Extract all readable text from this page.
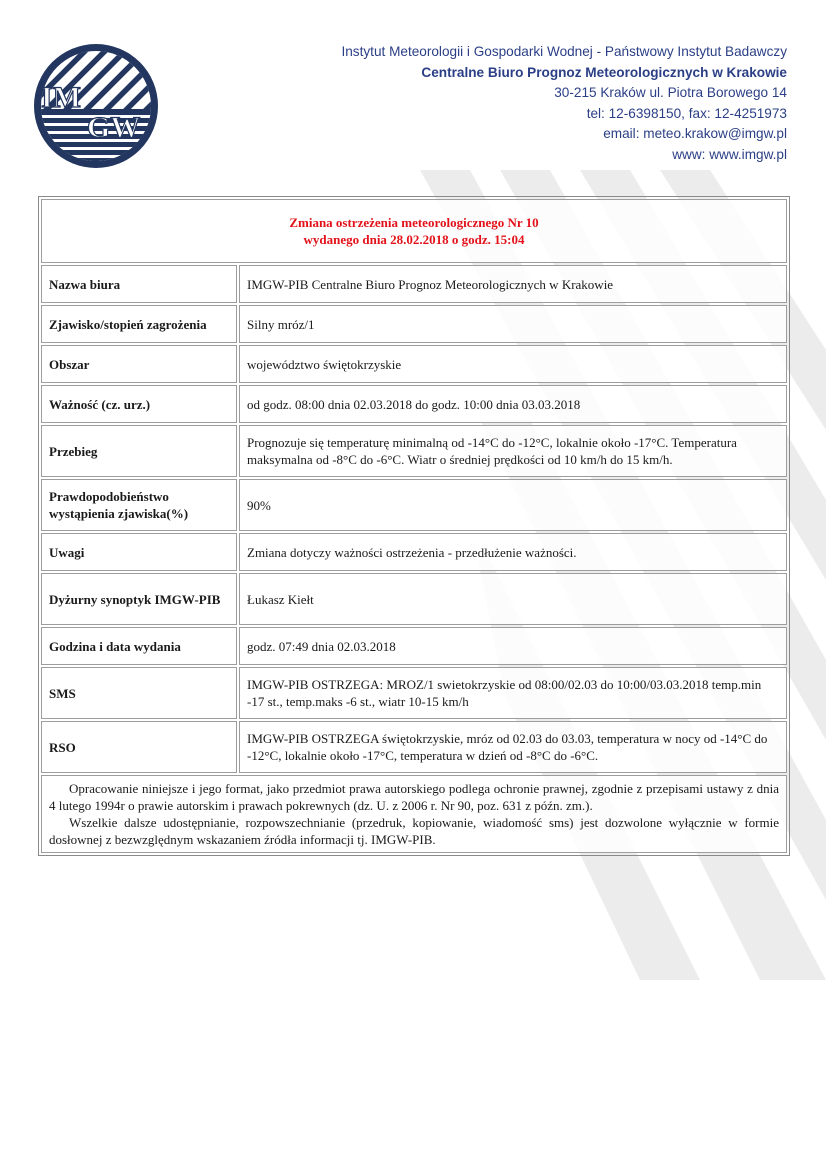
IM
GW
Instytut Meteorologii i Gospodarki Wodnej - Państwowy Instytut Badawczy
Centralne Biuro Prognoz Meteorologicznych w Krakowie
30-215 Kraków ul. Piotra Borowego 14
tel: 12-6398150, fax: 12-4251973
email: meteo.krakow@imgw.pl
www: www.imgw.pl
Zmiana ostrzeżenia meteorologicznego Nr 10
wydanego dnia 28.02.2018 o godz. 15:04	

Nazwa biura	IMGW-PIB Centralne Biuro Prognoz Meteorologicznych w Krakowie
Zjawisko/stopień zagrożenia	Silny mróz/1
Obszar	województwo świętokrzyskie
Ważność (cz. urz.)	od godz. 08:00 dnia 02.03.2018 do godz. 10:00 dnia 03.03.2018
Przebieg	Prognozuje się temperaturę minimalną od -14°C do -12°C, lokalnie około -17°C. Temperatura maksymalna od -8°C do -6°C. Wiatr o średniej prędkości od 10 km/h do 15 km/h.
Prawdopodobieństwo wystąpienia zjawiska(%)	90%
Uwagi	Zmiana dotyczy ważności ostrzeżenia - przedłużenie ważności.
Dyżurny synoptyk IMGW-PIB	Łukasz Kiełt
Godzina i data wydania	godz. 07:49 dnia 02.03.2018
SMS	IMGW-PIB OSTRZEGA: MROZ/1 swietokrzyskie od 08:00/02.03 do 10:00/03.03.2018 temp.min -17 st., temp.maks -6 st., wiatr 10-15 km/h
RSO	IMGW-PIB OSTRZEGA świętokrzyskie, mróz od 02.03 do 03.03, temperatura w nocy od -14°C do -12°C, lokalnie około -17°C, temperatura w dzień od -8°C do -6°C.

Opracowanie niniejsze i jego format, jako przedmiot prawa autorskiego podlega ochronie prawnej, zgodnie z przepisami ustawy z dnia 4 lutego 1994r o prawie autorskim i prawach pokrewnych (dz. U. z 2006 r. Nr 90, poz. 631 z późn. zm.).

Wszelkie dalsze udostępnianie, rozpowszechnianie (przedruk, kopiowanie, wiadomość sms) jest dozwolone wyłącznie w formie dosłownej z bezwzględnym wskazaniem źródła informacji tj. IMGW-PIB.	
